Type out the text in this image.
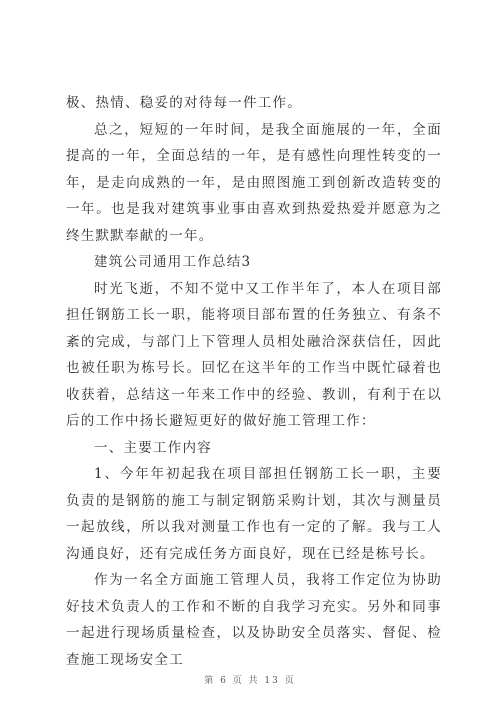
极、热情、稳妥的对待每一件工作。

总之，短短的一年时间，是我全面施展的一年，全面提高的一年，全面总结的一年，是有感性向理性转变的一年，是走向成熟的一年，是由照图施工到创新改造转变的一年。也是我对建筑事业事由喜欢到热爱热爱并愿意为之终生默默奉献的一年。

建筑公司通用工作总结3

时光飞逝，不知不觉中又工作半年了，本人在项目部担任钢筋工长一职，能将项目部布置的任务独立、有条不紊的完成，与部门上下管理人员相处融洽深获信任，因此也被任职为栋号长。回忆在这半年的工作当中既忙碌着也收获着，总结这一年来工作中的经验、教训，有利于在以后的工作中扬长避短更好的做好施工管理工作：

一、主要工作内容

1、今年年初起我在项目部担任钢筋工长一职，主要负责的是钢筋的施工与制定钢筋采购计划，其次与测量员一起放线，所以我对测量工作也有一定的了解。我与工人沟通良好，还有完成任务方面良好，现在已经是栋号长。

作为一名全方面施工管理人员，我将工作定位为协助好技术负责人的工作和不断的自我学习充实。另外和同事一起进行现场质量检查，以及协助安全员落实、督促、检查施工现场安全工

第 6 页 共 13 页
